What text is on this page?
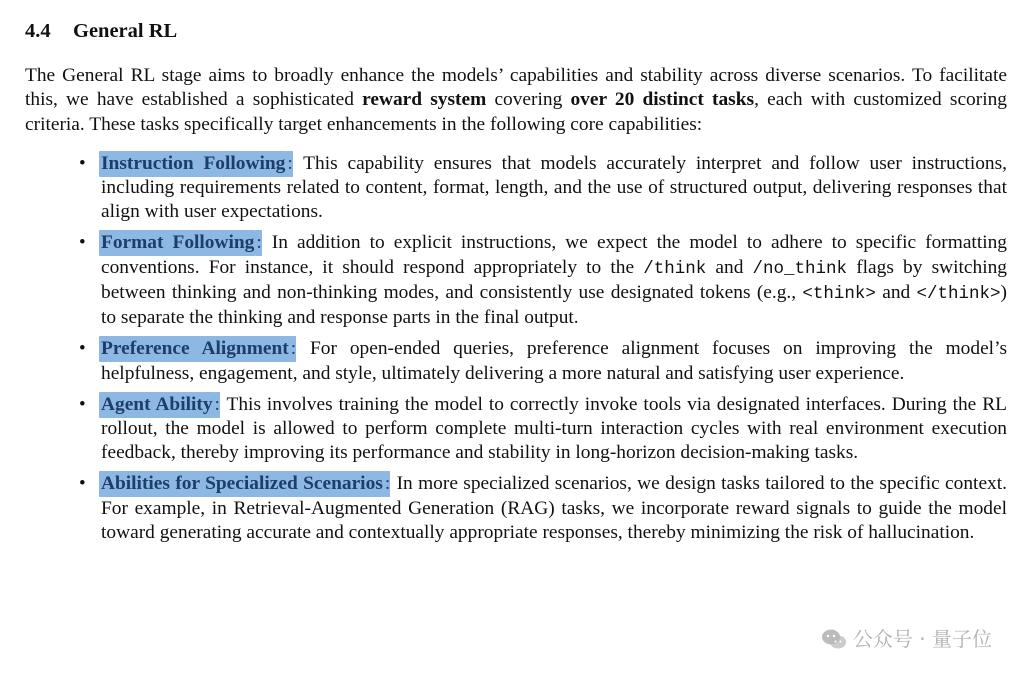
4.4 General RL

The General RL stage aims to broadly enhance the models’ capabilities and stability across diverse scenarios. To facilitate this, we have established a sophisticated reward system covering over 20 distinct tasks, each with customized scoring criteria. These tasks specifically target enhancements in the following core capabilities:

• Instruction Following : This capability ensures that models accurately interpret and follow user instructions, including requirements related to content, format, length, and the use of structured output, delivering responses that align with user expectations.
• Format Following : In addition to explicit instructions, we expect the model to adhere to specific formatting conventions. For instance, it should respond appropriately to the /think and /no_think flags by switching between thinking and non-thinking modes, and consistently use designated tokens (e.g., <think> and </think>) to separate the thinking and response parts in the final output.
• Preference Alignment : For open-ended queries, preference alignment focuses on improving the model’s helpfulness, engagement, and style, ultimately delivering a more natural and satisfying user experience.
• Agent Ability : This involves training the model to correctly invoke tools via designated interfaces. During the RL rollout, the model is allowed to perform complete multi-turn interaction cycles with real environment execution feedback, thereby improving its performance and stability in long-horizon decision-making tasks.
• Abilities for Specialized Scenarios : In more specialized scenarios, we design tasks tailored to the specific context. For example, in Retrieval-Augmented Generation (RAG) tasks, we incorporate reward signals to guide the model toward generating accurate and contextually appropriate responses, thereby minimizing the risk of hallucination.
公众号 · 量子位
